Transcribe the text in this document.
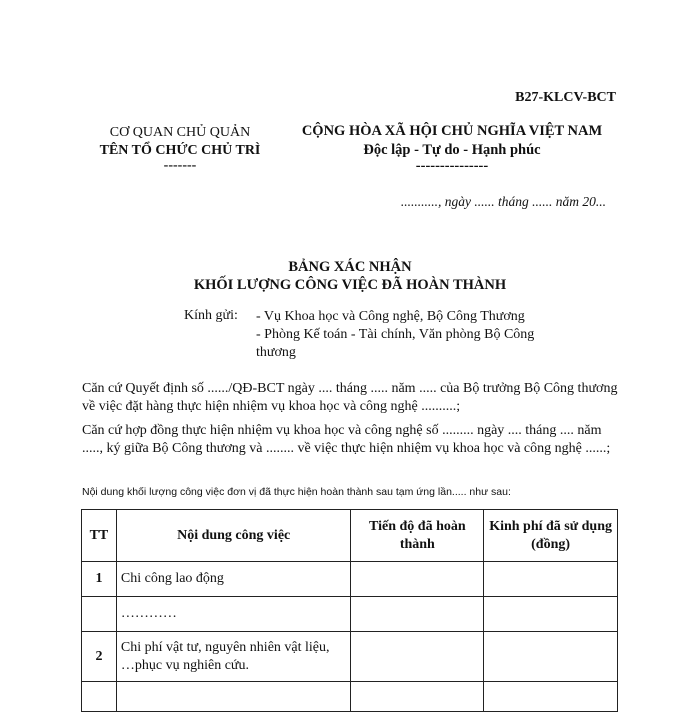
B27-KLCV-BCT
CƠ QUAN CHỦ QUẢN
TÊN TỔ CHỨC CHỦ TRÌ
-------
CỘNG HÒA XÃ HỘI CHỦ NGHĨA VIỆT NAM
Độc lập - Tự do - Hạnh phúc
---------------
..........., ngày ...... tháng ...... năm 20...
BẢNG XÁC NHẬN
KHỐI LƯỢNG CÔNG VIỆC ĐÃ HOÀN THÀNH
Kính gửi: - Vụ Khoa học và Công nghệ, Bộ Công Thương
- Phòng Kế toán - Tài chính, Văn phòng Bộ Công
thương
Căn cứ Quyết định số ....../QĐ-BCT ngày .... tháng ..... năm ..... của Bộ trưởng Bộ Công thương về việc đặt hàng thực hiện nhiệm vụ khoa học và công nghệ ..........;
Căn cứ hợp đồng thực hiện nhiệm vụ khoa học và công nghệ số ......... ngày .... tháng .... năm ....., ký giữa Bộ Công thương và ........ về việc thực hiện nhiệm vụ khoa học và công nghệ ......;
Nội dung khối lượng công việc đơn vị đã thực hiện hoàn thành sau tạm ứng lần..... như sau:
TT	Nội dung công việc	Tiến độ đã hoàn thành	Kinh phí đã sử dụng (đồng)
1	Chi công lao động		
	…………		
2	Chi phí vật tư, nguyên nhiên vật liệu, …phục vụ nghiên cứu.		
